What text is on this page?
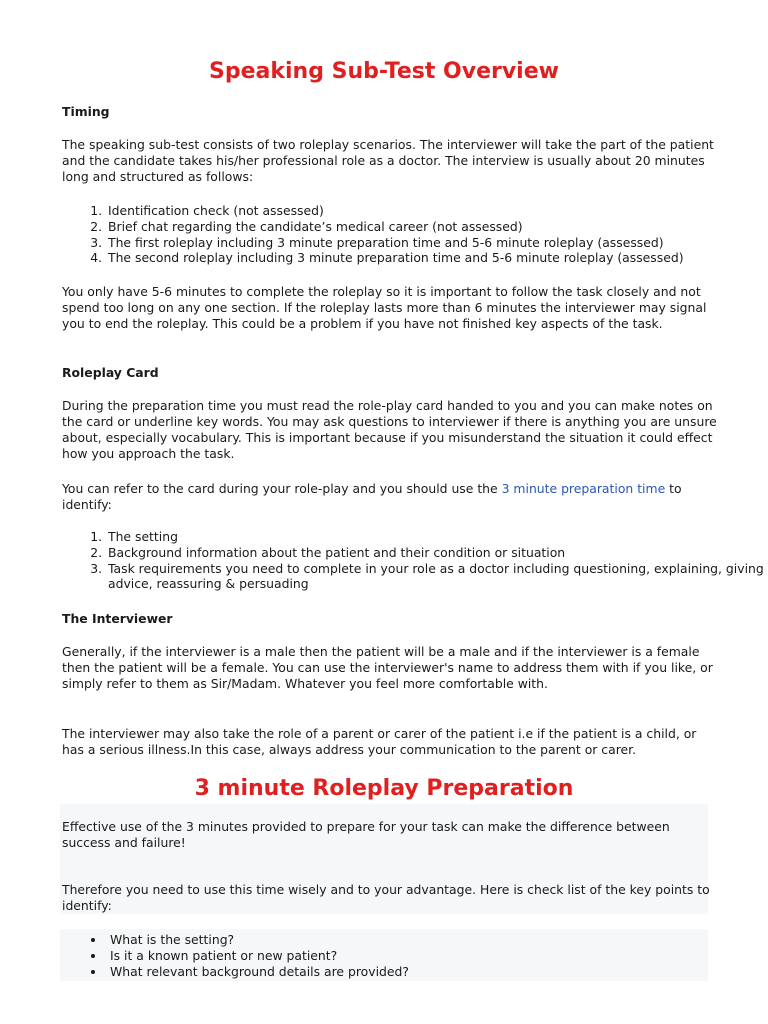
Speaking Sub-Test Overview
Timing

The speaking sub-test consists of two roleplay scenarios. The interviewer will take the part of the patient and the candidate takes his/her professional role as a doctor. The interview is usually about 20 minutes long and structured as follows:

1. Identification check (not assessed)
2. Brief chat regarding the candidate’s medical career (not assessed)
3. The first roleplay including 3 minute preparation time and 5-6 minute roleplay (assessed)
4. The second roleplay including 3 minute preparation time and 5-6 minute roleplay (assessed)

You only have 5-6 minutes to complete the roleplay so it is important to follow the task closely and not spend too long on any one section. If the roleplay lasts more than 6 minutes the interviewer may signal you to end the roleplay. This could be a problem if you have not finished key aspects of the task.

Roleplay Card

During the preparation time you must read the role-play card handed to you and you can make notes on the card or underline key words. You may ask questions to interviewer if there is anything you are unsure about, especially vocabulary. This is important because if you misunderstand the situation it could effect how you approach the task.

You can refer to the card during your role-play and you should use the 3 minute preparation time to identify:

1. The setting
2. Background information about the patient and their condition or situation
3. Task requirements you need to complete in your role as a doctor including questioning, explaining, giving advice, reassuring & persuading
The Interviewer

Generally, if the interviewer is a male then the patient will be a male and if the interviewer is a female then the patient will be a female. You can use the interviewer's name to address them with if you like, or simply refer to them as Sir/Madam. Whatever you feel more comfortable with.

The interviewer may also take the role of a parent or carer of the patient i.e if the patient is a child, or has a serious illness.In this case, always address your communication to the parent or carer.

3 minute Roleplay Preparation

Effective use of the 3 minutes provided to prepare for your task can make the difference between success and failure!

Therefore you need to use this time wisely and to your advantage. Here is check list of the key points to identify:

• What is the setting?
• Is it a known patient or new patient?
• What relevant background details are provided?
